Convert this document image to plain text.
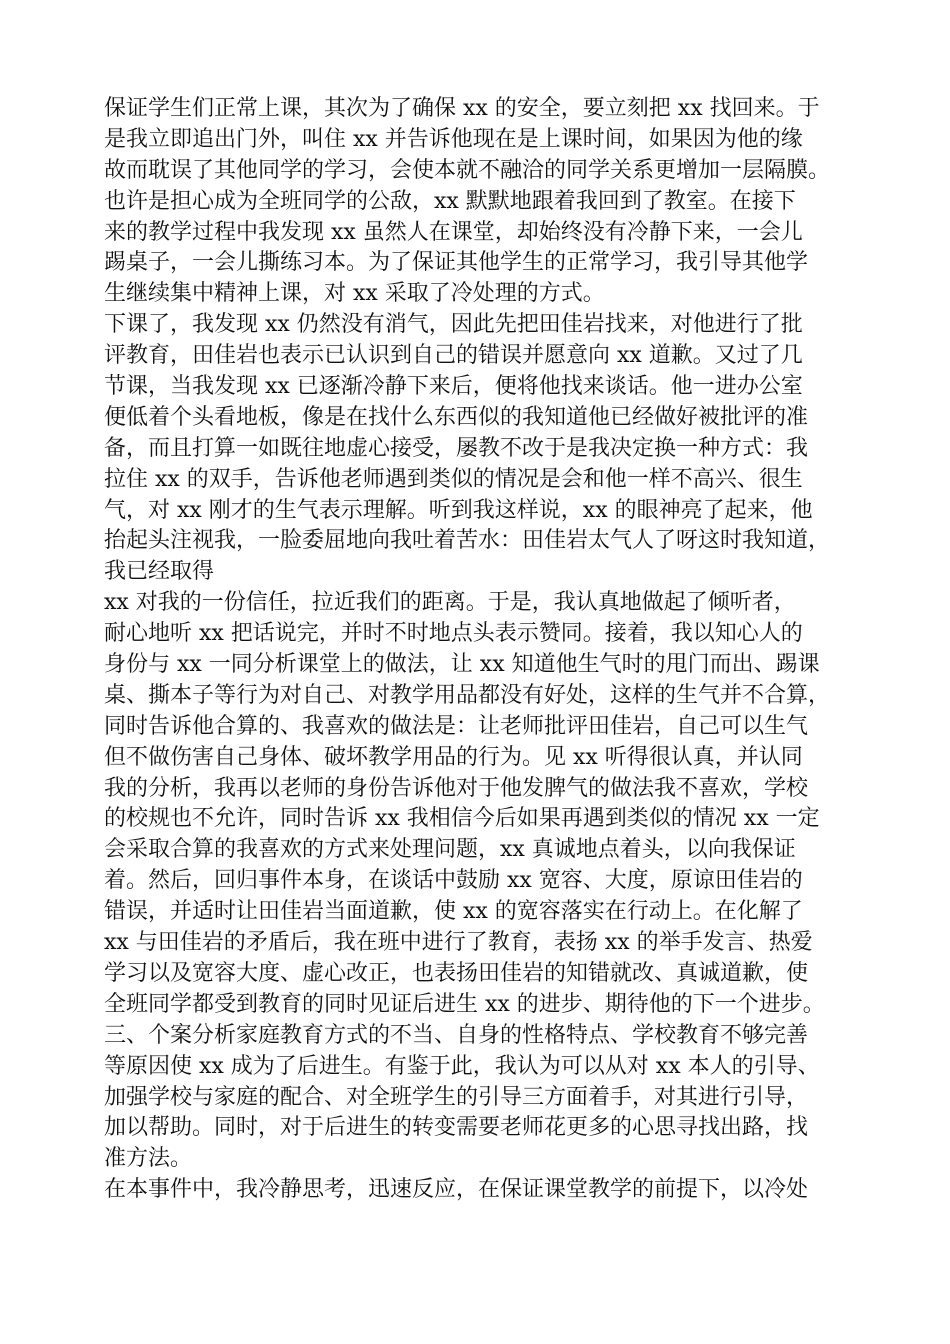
保证学生们正常上课，其次为了确保 xx 的安全，要立刻把 xx 找回来。于
是我立即追出门外，叫住 xx 并告诉他现在是上课时间，如果因为他的缘
故而耽误了其他同学的学习，会使本就不融洽的同学关系更增加一层隔膜。
也许是担心成为全班同学的公敌，xx 默默地跟着我回到了教室。在接下
来的教学过程中我发现 xx 虽然人在课堂，却始终没有冷静下来，一会儿
踢桌子，一会儿撕练习本。为了保证其他学生的正常学习，我引导其他学
生继续集中精神上课，对 xx 采取了冷处理的方式。
下课了，我发现 xx 仍然没有消气，因此先把田佳岩找来，对他进行了批
评教育，田佳岩也表示已认识到自己的错误并愿意向 xx 道歉。又过了几
节课，当我发现 xx 已逐渐冷静下来后，便将他找来谈话。他一进办公室
便低着个头看地板，像是在找什么东西似的我知道他已经做好被批评的准
备，而且打算一如既往地虚心接受，屡教不改于是我决定换一种方式：我
拉住 xx 的双手，告诉他老师遇到类似的情况是会和他一样不高兴、很生
气，对 xx 刚才的生气表示理解。听到我这样说，xx 的眼神亮了起来，他
抬起头注视我，一脸委屈地向我吐着苦水：田佳岩太气人了呀这时我知道，
我已经取得
xx 对我的一份信任，拉近我们的距离。于是，我认真地做起了倾听者，
耐心地听 xx 把话说完，并时不时地点头表示赞同。接着，我以知心人的
身份与 xx 一同分析课堂上的做法，让 xx 知道他生气时的甩门而出、踢课
桌、撕本子等行为对自己、对教学用品都没有好处，这样的生气并不合算，
同时告诉他合算的、我喜欢的做法是：让老师批评田佳岩，自己可以生气
但不做伤害自己身体、破坏教学用品的行为。见 xx 听得很认真，并认同
我的分析，我再以老师的身份告诉他对于他发脾气的做法我不喜欢，学校
的校规也不允许，同时告诉 xx 我相信今后如果再遇到类似的情况 xx 一定
会采取合算的我喜欢的方式来处理问题，xx 真诚地点着头，以向我保证
着。然后，回归事件本身，在谈话中鼓励 xx 宽容、大度，原谅田佳岩的
错误，并适时让田佳岩当面道歉，使 xx 的宽容落实在行动上。在化解了
xx 与田佳岩的矛盾后，我在班中进行了教育，表扬 xx 的举手发言、热爱
学习以及宽容大度、虚心改正，也表扬田佳岩的知错就改、真诚道歉，使
全班同学都受到教育的同时见证后进生 xx 的进步、期待他的下一个进步。
三、个案分析家庭教育方式的不当、自身的性格特点、学校教育不够完善
等原因使 xx 成为了后进生。有鉴于此，我认为可以从对 xx 本人的引导、
加强学校与家庭的配合、对全班学生的引导三方面着手，对其进行引导，
加以帮助。同时，对于后进生的转变需要老师花更多的心思寻找出路，找
准方法。
在本事件中，我冷静思考，迅速反应，在保证课堂教学的前提下，以冷处
